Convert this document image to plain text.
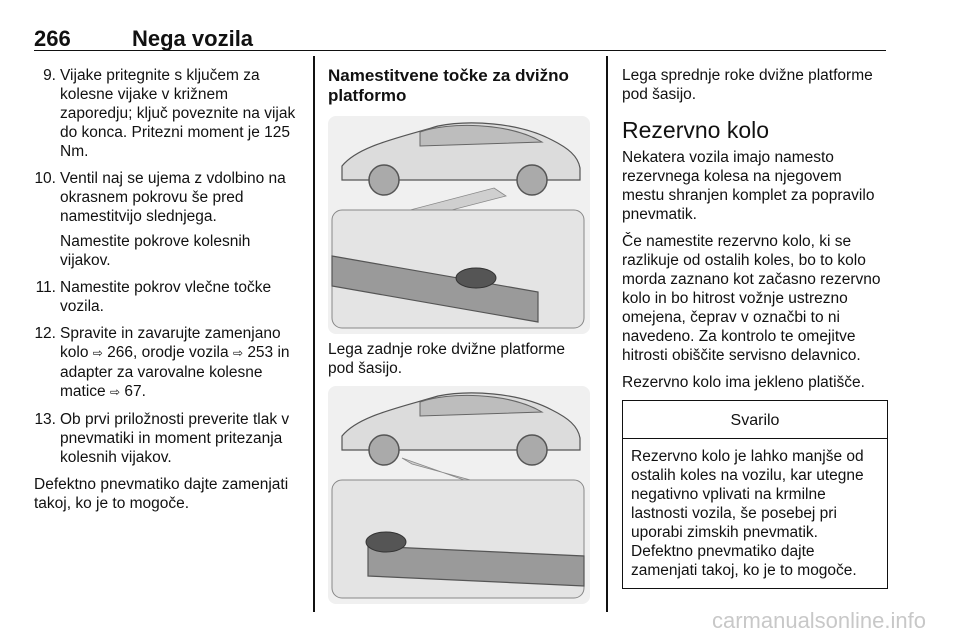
266	Nega vozila
9. Vijake pritegnite s ključem za kolesne vijake v križnem zaporedju; ključ poveznite na vijak do konca. Pritezni moment je 125 Nm.
10. Ventil naj se ujema z vdolbino na okrasnem pokrovu še pred namestitvijo slednjega.

Namestite pokrove kolesnih vijakov.

11. Namestite pokrov vlečne točke vozila.
12. Spravite in zavarujte zamenjano kolo ⇨ 266, orodje vozila ⇨ 253 in adapter za varovalne kolesne matice ⇨ 67.
13. Ob prvi priložnosti preverite tlak v pnevmatiki in moment pritezanja kolesnih vijakov.

Defektno pnevmatiko dajte zamenjati takoj, ko je to mogoče.

Namestitvene točke za dvižno platformo

Lega zadnje roke dvižne platforme pod šasijo.

Lega sprednje roke dvižne platforme pod šasijo.

Rezervno kolo

Nekatera vozila imajo namesto rezervnega kolesa na njegovem mestu shranjen komplet za popravilo pnevmatik.

Če namestite rezervno kolo, ki se razlikuje od ostalih koles, bo to kolo morda zaznano kot začasno rezervno kolo in bo hitrost vožnje ustrezno omejena, čeprav v označbi to ni navedeno. Za kontrolo te omejitve hitrosti obiščite servisno delavnico.

Rezervno kolo ima jekleno platišče.

Svarilo
Rezervno kolo je lahko manjše od ostalih koles na vozilu, kar utegne negativno vplivati na krmilne lastnosti vozila, še posebej pri uporabi zimskih pnevmatik. Defektno pnevmatiko dajte zamenjati takoj, ko je to mogoče.
carmanualsonline.info
